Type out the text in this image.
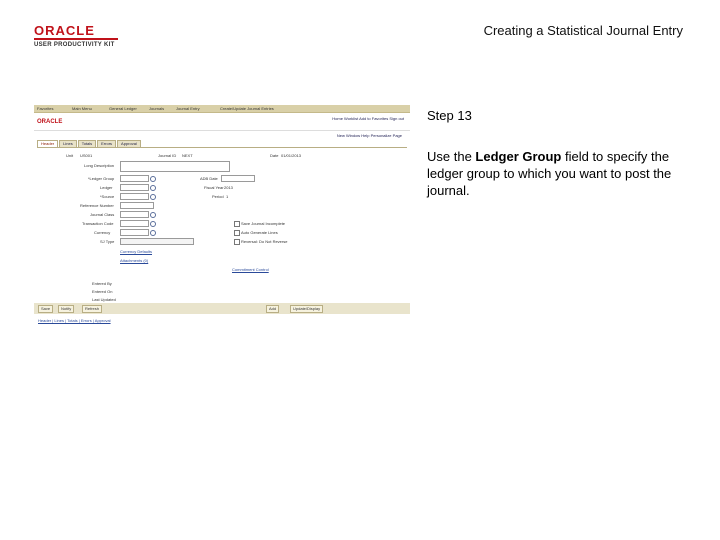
ORACLE
USER PRODUCTIVITY KIT
Creating a Statistical Journal Entry
Step 13
Use the Ledger Group field to specify the ledger group to which you want to post the journal.
Favorites	Main Menu	General Ledger	Journals	Journal Entry	Create/Update Journal Entries
ORACLE
Home Worklist Add to Favorites Sign out
New Window Help Personalize Page
Header Lines Totals Errors Approval
Unit US001	Journal ID NEXT	Date 01/01/2013
Long Description
*Ledger Group	ADB Date
Ledger	Fiscal Year 2013
*Source	Period 1
Reference Number
Journal Class
Transaction Code	Save Journal Incomplete
Currency	Auto Generate Lines
SJ Type	Reversal: Do Not Reverse
Currency Defaults
Attachments (0)
Commitment Control
Entered By
Entered On
Last Updated
Save	Notify	Refresh	Add	Update/Display
Header | Lines | Totals | Errors | Approval
